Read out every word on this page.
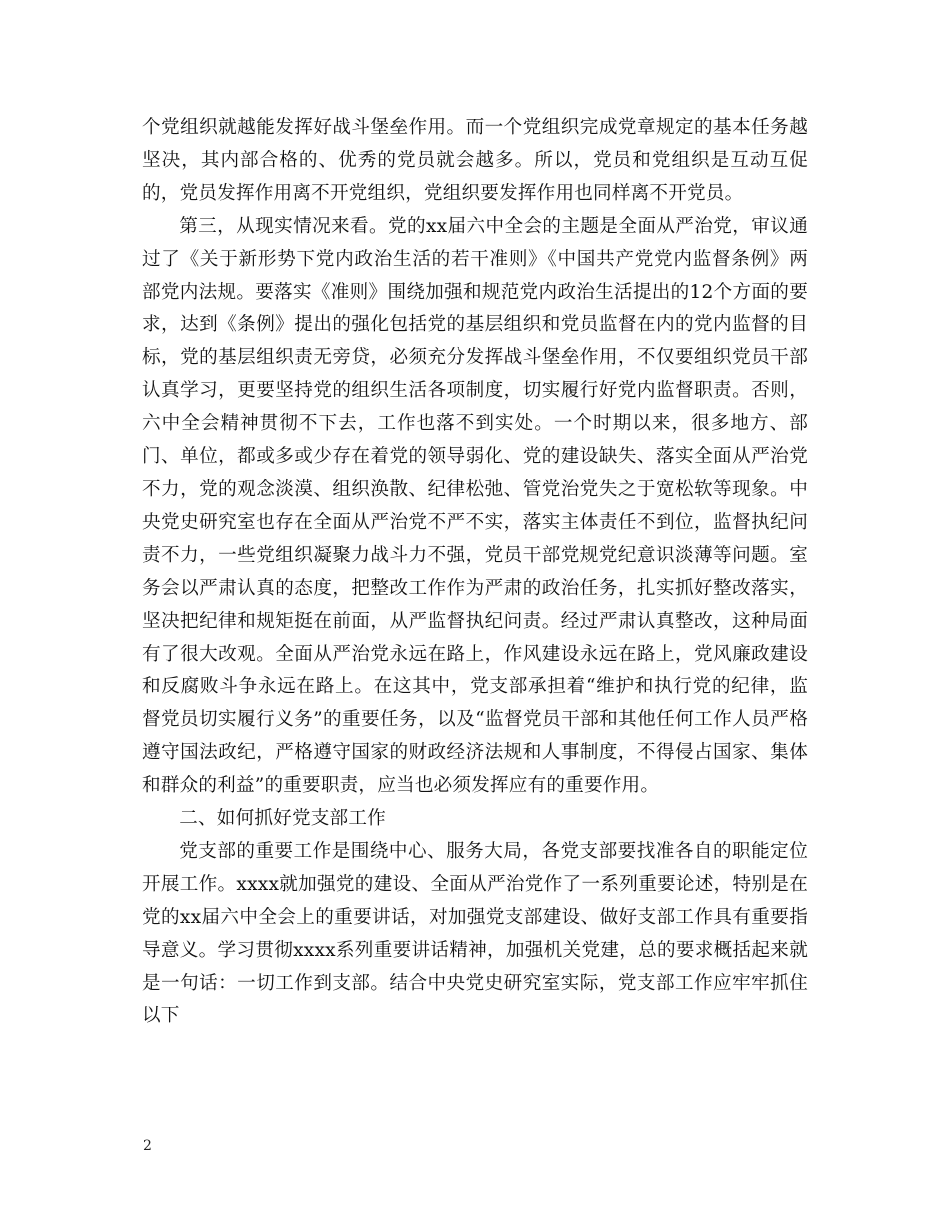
个党组织就越能发挥好战斗堡垒作用。而一个党组织完成党章规定的基本任务越坚决，其内部合格的、优秀的党员就会越多。所以，党员和党组织是互动互促的，党员发挥作用离不开党组织，党组织要发挥作用也同样离不开党员。

第三，从现实情况来看。党的xx届六中全会的主题是全面从严治党，审议通过了《关于新形势下党内政治生活的若干准则》《中国共产党党内监督条例》两部党内法规。要落实《准则》围绕加强和规范党内政治生活提出的12个方面的要求，达到《条例》提出的强化包括党的基层组织和党员监督在内的党内监督的目标，党的基层组织责无旁贷，必须充分发挥战斗堡垒作用，不仅要组织党员干部认真学习，更要坚持党的组织生活各项制度，切实履行好党内监督职责。否则，六中全会精神贯彻不下去，工作也落不到实处。一个时期以来，很多地方、部门、单位，都或多或少存在着党的领导弱化、党的建设缺失、落实全面从严治党不力，党的观念淡漠、组织涣散、纪律松弛、管党治党失之于宽松软等现象。中央党史研究室也存在全面从严治党不严不实，落实主体责任不到位，监督执纪问责不力，一些党组织凝聚力战斗力不强，党员干部党规党纪意识淡薄等问题。室务会以严肃认真的态度，把整改工作作为严肃的政治任务，扎实抓好整改落实，坚决把纪律和规矩挺在前面，从严监督执纪问责。经过严肃认真整改，这种局面有了很大改观。全面从严治党永远在路上，作风建设永远在路上，党风廉政建设和反腐败斗争永远在路上。在这其中，党支部承担着“维护和执行党的纪律，监督党员切实履行义务”的重要任务，以及“监督党员干部和其他任何工作人员严格遵守国法政纪，严格遵守国家的财政经济法规和人事制度，不得侵占国家、集体和群众的利益”的重要职责，应当也必须发挥应有的重要作用。

二、如何抓好党支部工作

党支部的重要工作是围绕中心、服务大局，各党支部要找准各自的职能定位开展工作。xxxx就加强党的建设、全面从严治党作了一系列重要论述，特别是在党的xx届六中全会上的重要讲话，对加强党支部建设、做好支部工作具有重要指导意义。学习贯彻xxxx系列重要讲话精神，加强机关党建，总的要求概括起来就是一句话：一切工作到支部。结合中央党史研究室实际，党支部工作应牢牢抓住以下

2
